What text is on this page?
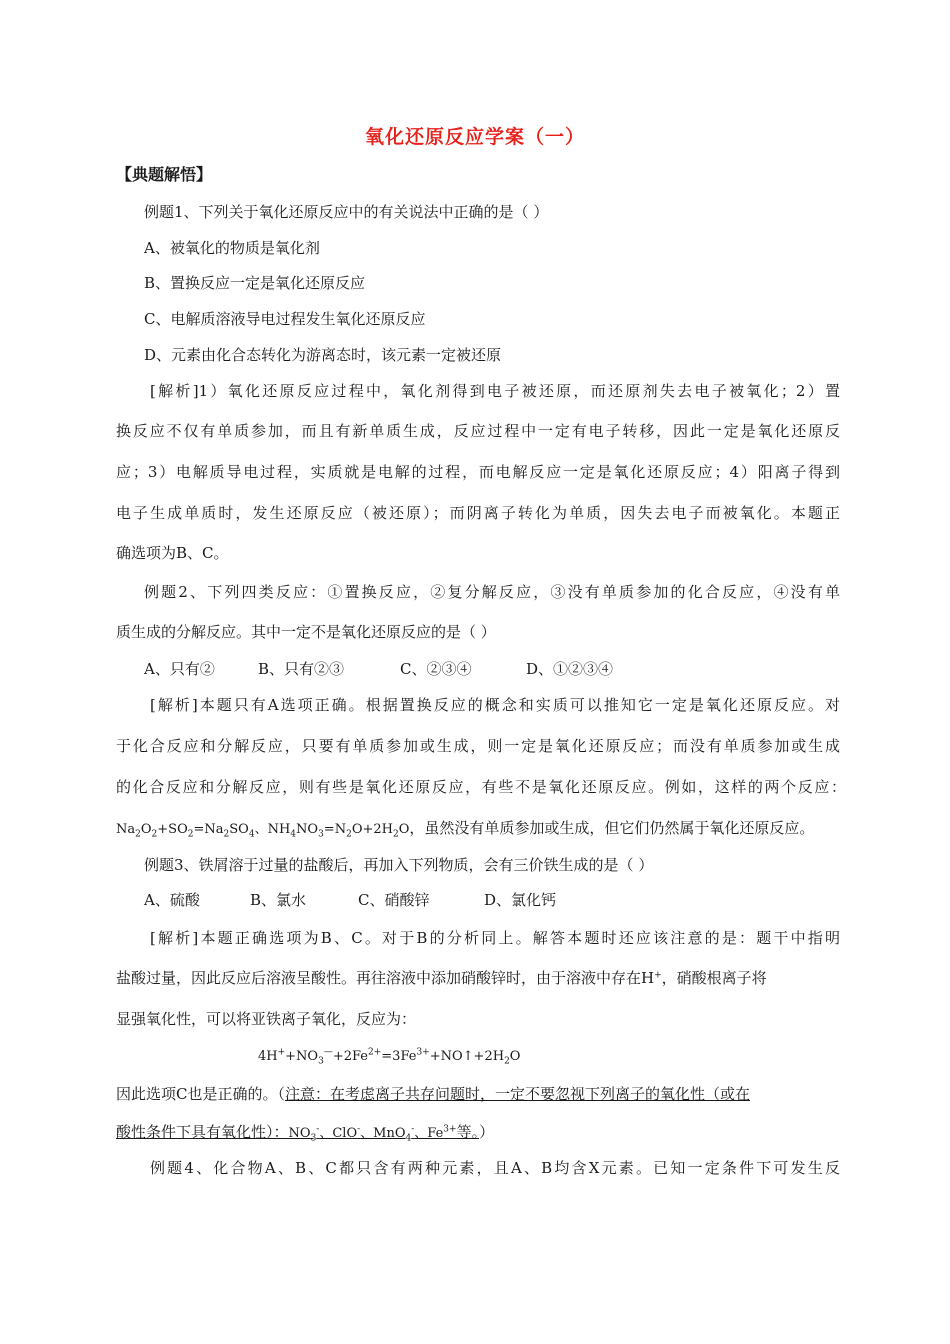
氧化还原反应学案（一）
【典题解悟】
例题1、下列关于氧化还原反应中的有关说法中正确的是（ ）
A、被氧化的物质是氧化剂
B、置换反应一定是氧化还原反应
C、电解质溶液导电过程发生氧化还原反应
D、元素由化合态转化为游离态时，该元素一定被还原
[解析]1）氧化还原反应过程中，氧化剂得到电子被还原，而还原剂失去电子被氧化；2）置
换反应不仅有单质参加，而且有新单质生成，反应过程中一定有电子转移，因此一定是氧化还原反
应；3）电解质导电过程，实质就是电解的过程，而电解反应一定是氧化还原反应；4）阳离子得到
电子生成单质时，发生还原反应（被还原）；而阴离子转化为单质，因失去电子而被氧化。本题正
确选项为B、C。
例题2、下列四类反应：①置换反应，②复分解反应，③没有单质参加的化合反应，④没有单
质生成的分解反应。其中一定不是氧化还原反应的是（ ）
A、只有②	B、只有②③	C、②③④	D、①②③④
[解析]本题只有A选项正确。根据置换反应的概念和实质可以推知它一定是氧化还原反应。对
于化合反应和分解反应，只要有单质参加或生成，则一定是氧化还原反应；而没有单质参加或生成
的化合反应和分解反应，则有些是氧化还原反应，有些不是氧化还原反应。例如，这样的两个反应：
$Na_2O_2+SO_2=Na_2SO_4$、$NH_4NO_3=N_2O+2H_2O$，虽然没有单质参加或生成，但它们仍然属于氧化还原反应。
例题3、铁屑溶于过量的盐酸后，再加入下列物质，会有三价铁生成的是（ ）
A、硫酸	B、氯水	C、硝酸锌	D、氯化钙
[解析]本题正确选项为B、C。对于B的分析同上。解答本题时还应该注意的是：题干中指明
盐酸过量，因此反应后溶液呈酸性。再往溶液中添加硝酸锌时，由于溶液中存在H+，硝酸根离子将
显强氧化性，可以将亚铁离子氧化，反应为：
$4H^++NO_3^—+2Fe^{2+}=3Fe^{3+}+NO↑+2H_2O$
因此选项C也是正确的。（注意：在考虑离子共存问题时，一定不要忽视下列离子的氧化性（或在
酸性条件下具有氧化性）：$NO_3^-$、ClO-、MnO$_4$-、$Fe^{3+}$等。）
例题4、化合物A、B、C都只含有两种元素，且A、B均含X元素。已知一定条件下可发生反
